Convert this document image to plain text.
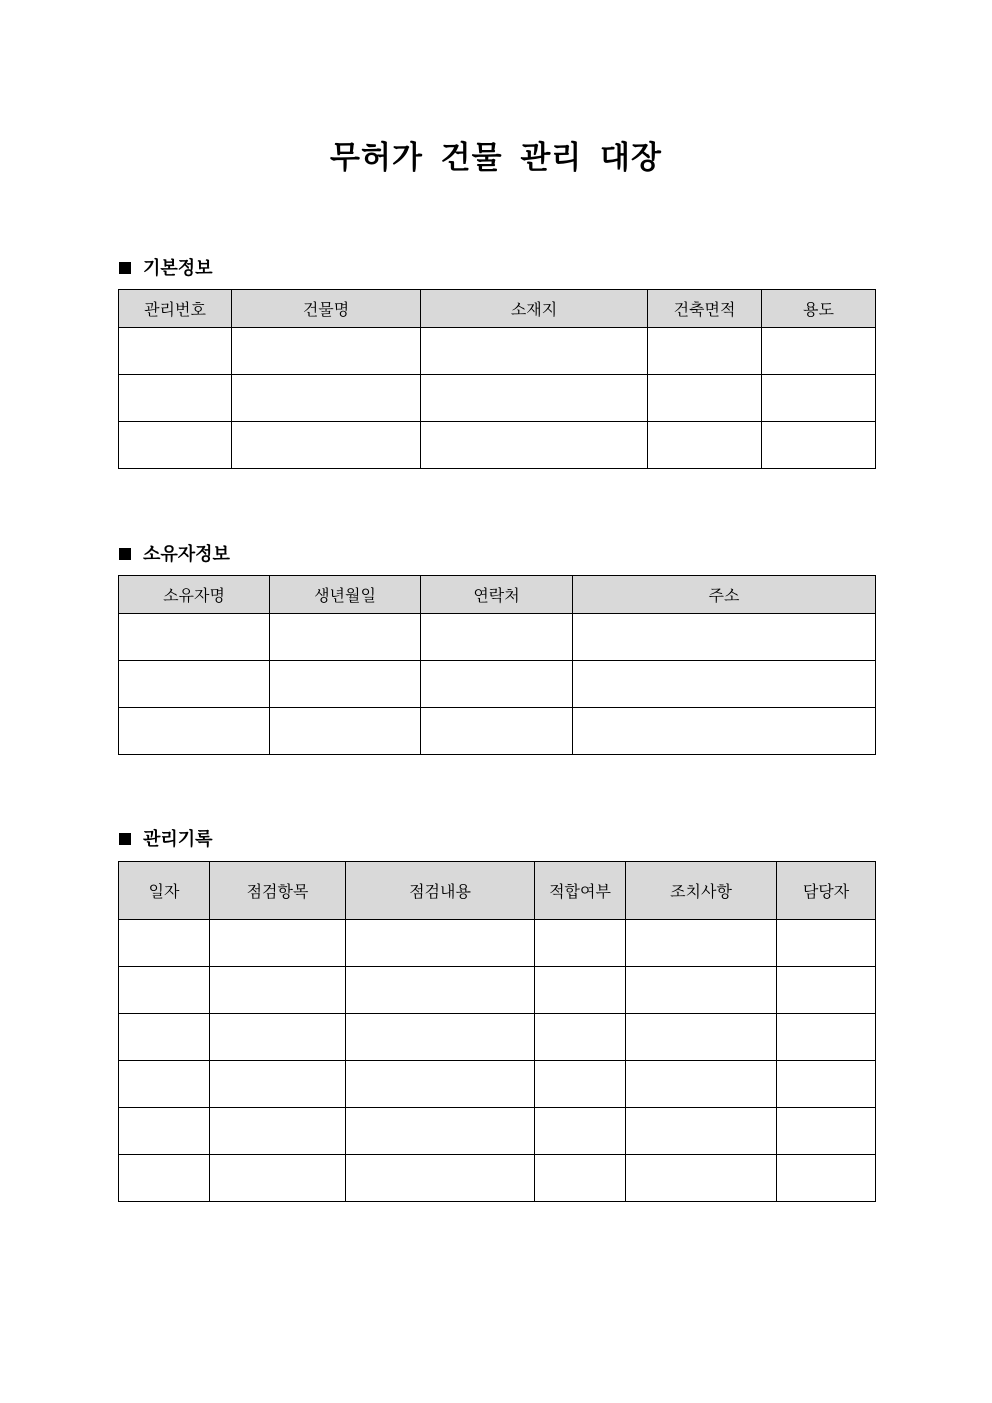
무허가 건물 관리 대장
기본정보
관리번호	건물명	소재지	건축면적	용도

소유자정보
소유자명	생년월일	연락처	주소

관리기록
일자	점검항목	점검내용	적합여부	조치사항	담당자
